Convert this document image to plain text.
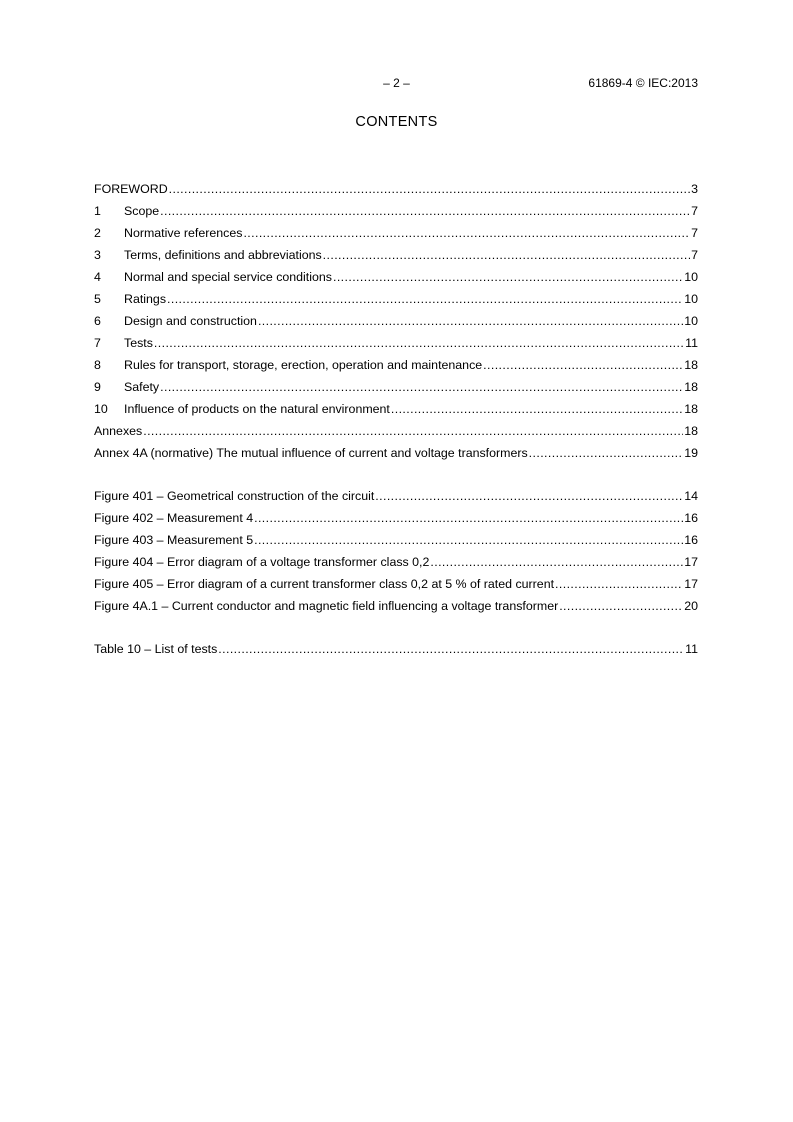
– 2 –	61869-4 © IEC:2013
CONTENTS
FOREWORD .....	3
1	Scope .....	7
2	Normative references .....	7
3	Terms, definitions and abbreviations .....	7
4	Normal and special service conditions .....	10
5	Ratings .....	10
6	Design and construction .....	10
7	Tests .....	11
8	Rules for transport, storage, erection, operation and maintenance .....	18
9	Safety .....	18
10	Influence of products on the natural environment .....	18
Annexes .....	18
Annex 4A (normative) The mutual influence of current and voltage transformers .....	19
Figure 401 – Geometrical construction of the circuit .....	14
Figure 402 – Measurement 4 .....	16
Figure 403 – Measurement 5 .....	16
Figure 404 – Error diagram of a voltage transformer class 0,2 .....	17
Figure 405 – Error diagram of a current transformer class 0,2 at 5 % of rated current .....	17
Figure 4A.1 – Current conductor and magnetic field influencing a voltage transformer .....	20
Table 10 – List of tests .....	11
